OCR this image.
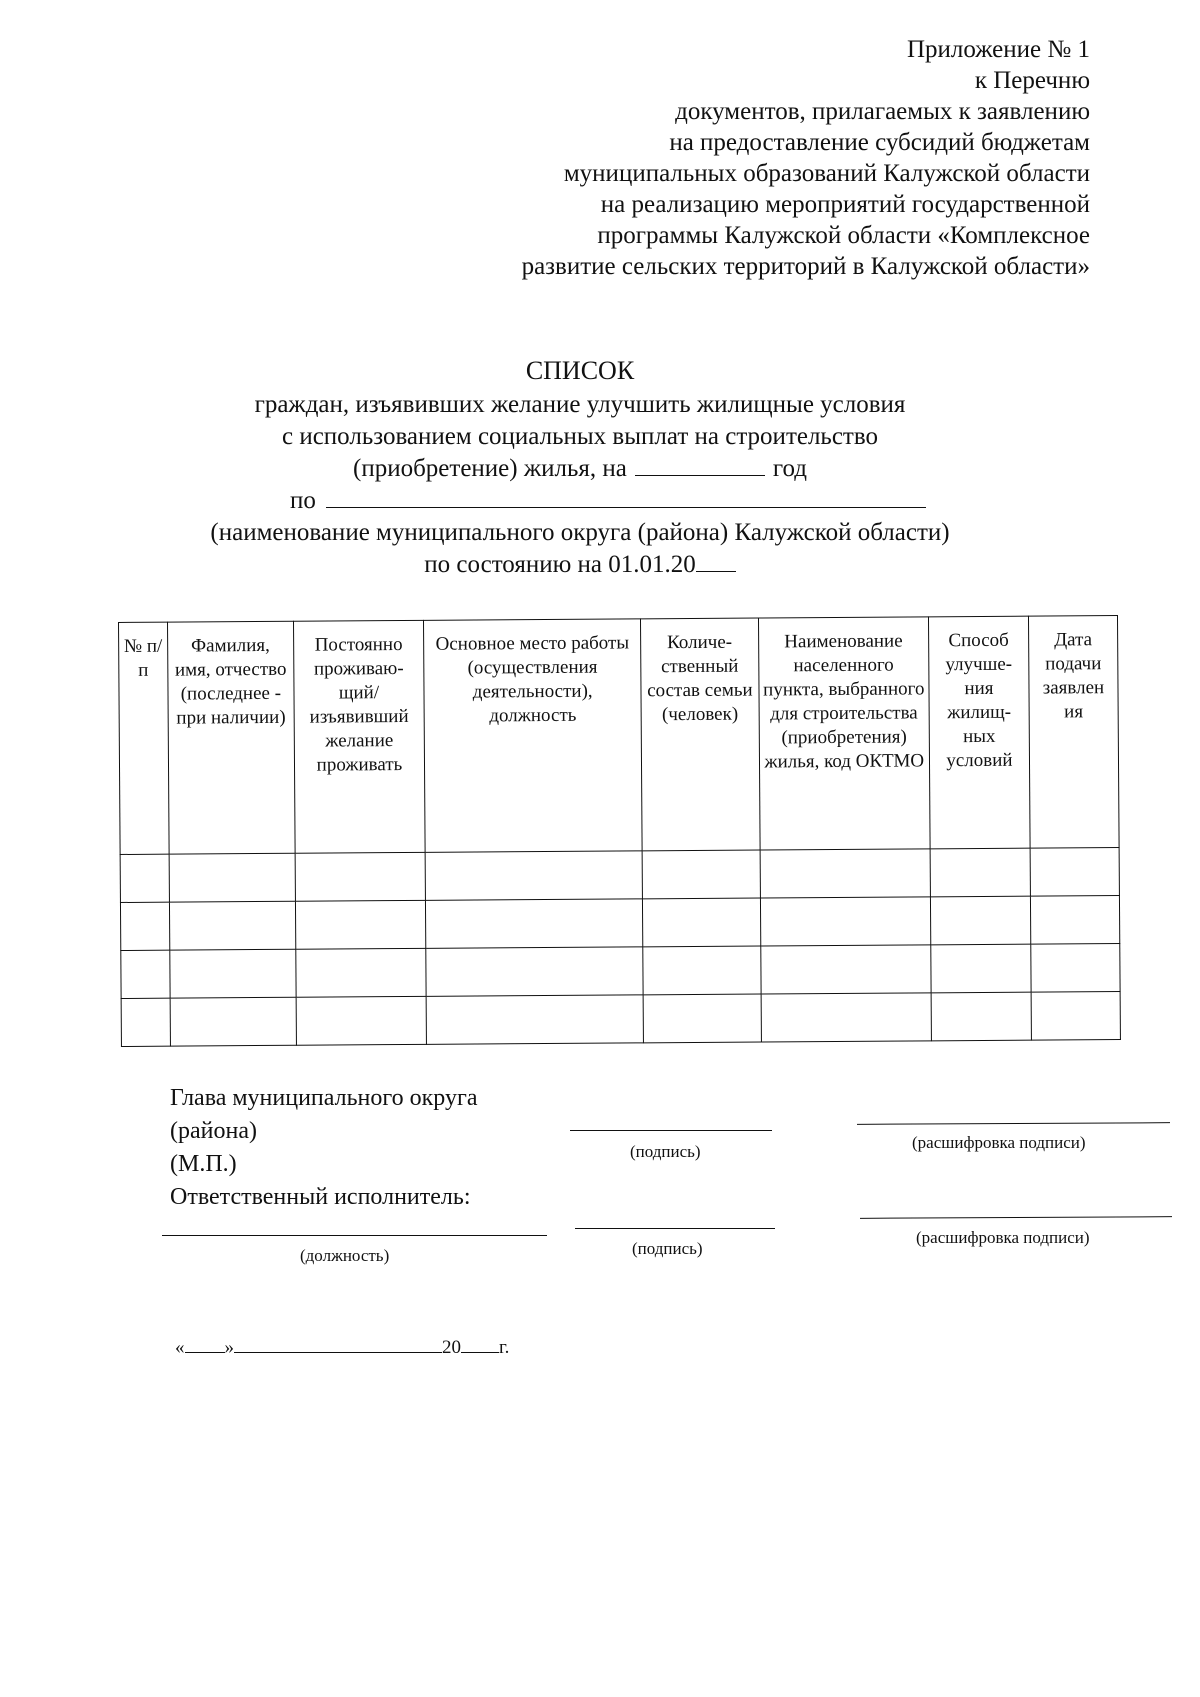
Приложение № 1
к Перечню
документов, прилагаемых к заявлению
на предоставление субсидий бюджетам
муниципальных образований Калужской области
на реализацию мероприятий государственной
программы Калужской области «Комплексное
развитие сельских территорий в Калужской области»
СПИСОК
граждан, изъявивших желание улучшить жилищные условия
с использованием социальных выплат на строительство
(приобретение) жилья, на	год
по
(наименование муниципального округа (района) Калужской области)
по состоянию на 01.01.20
№ п/п	Фамилия, имя, отчество (последнее - при наличии)	Постоянно проживаю-щий/ изъявивший желание проживать	Основное место работы (осуществления деятельности), должность	Количе-ственный состав семьи (человек)	Наименование населенного пункта, выбранного для строительства (приобретения) жилья, код ОКТМО	Способ улучше-ния жилищ-ных условий	Дата подачи заявлен ия

Глава муниципального округа
(района)
(М.П.)
Ответственный исполнитель:
(подпись)	(расшифровка подписи)
(должность)	(подпись)
(расшифровка подписи)
« »	20 г.
